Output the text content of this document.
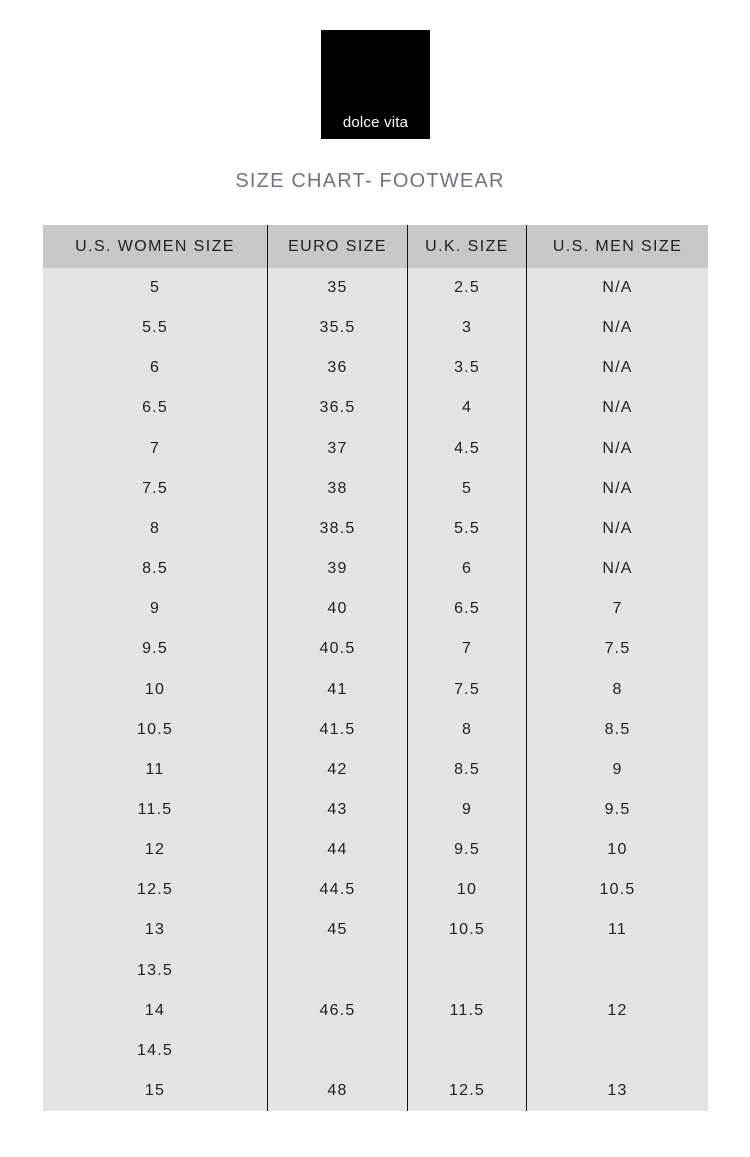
dolce vita
SIZE CHART- FOOTWEAR
U.S. WOMEN SIZE	EURO SIZE	U.K. SIZE	U.S. MEN SIZE
5	35	2.5	N/A
5.5	35.5	3	N/A
6	36	3.5	N/A
6.5	36.5	4	N/A
7	37	4.5	N/A
7.5	38	5	N/A
8	38.5	5.5	N/A
8.5	39	6	N/A
9	40	6.5	7
9.5	40.5	7	7.5
10	41	7.5	8
10.5	41.5	8	8.5
11	42	8.5	9
11.5	43	9	9.5
12	44	9.5	10
12.5	44.5	10	10.5
13	45	10.5	11
13.5
14	46.5	11.5	12
14.5
15	48	12.5	13
